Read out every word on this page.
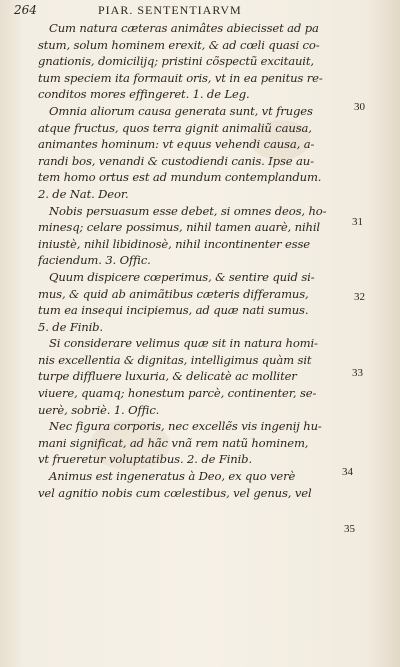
264	PIAR. SENTENTIARVM
Cum natura cæteras animâtes abiecisset ad pa
stum, solum hominem erexit, & ad cœli quasi co-
gnationis, domicilijq; pristini cõspectũ excitauit,
tum speciem ita formauit oris, vt in ea penitus re-
conditos mores effingeret. 1. de Leg.
Omnia aliorum causa generata sunt, vt fruges
atque fructus, quos terra gignit animaliũ causa,
animantes hominum: vt equus vehendi causa, a-
randi bos, venandi & custodiendi canis. Ipse au-
tem homo ortus est ad mundum contemplandum.
2. de Nat. Deor.
Nobis persuasum esse debet, si omnes deos, ho-
minesq; celare possimus, nihil tamen auarè, nihil
iniustè, nihil libidinosè, nihil incontinenter esse
faciendum. 3. Offic.
Quum dispicere cœperimus, & sentire quid si-
mus, & quid ab animãtibus cæteris differamus,
tum ea insequi incipiemus, ad quæ nati sumus.
5. de Finib.
Si considerare velimus quæ sit in natura homi-
nis excellentia & dignitas, intelligimus quàm sit
turpe diffluere luxuria, & delicatè ac molliter
viuere, quamq; honestum parcè, continenter, se-
uerè, sobriè. 1. Offic.
Nec figura corporis, nec excellẽs vis ingenij hu-
mani significat, ad hãc vnã rem natũ hominem,
vt frueretur voluptatibus. 2. de Finib.
Animus est ingeneratus à Deo, ex quo verè
vel agnitio nobis cum cœlestibus, vel genus, vel
30
31
32
33
34
35
